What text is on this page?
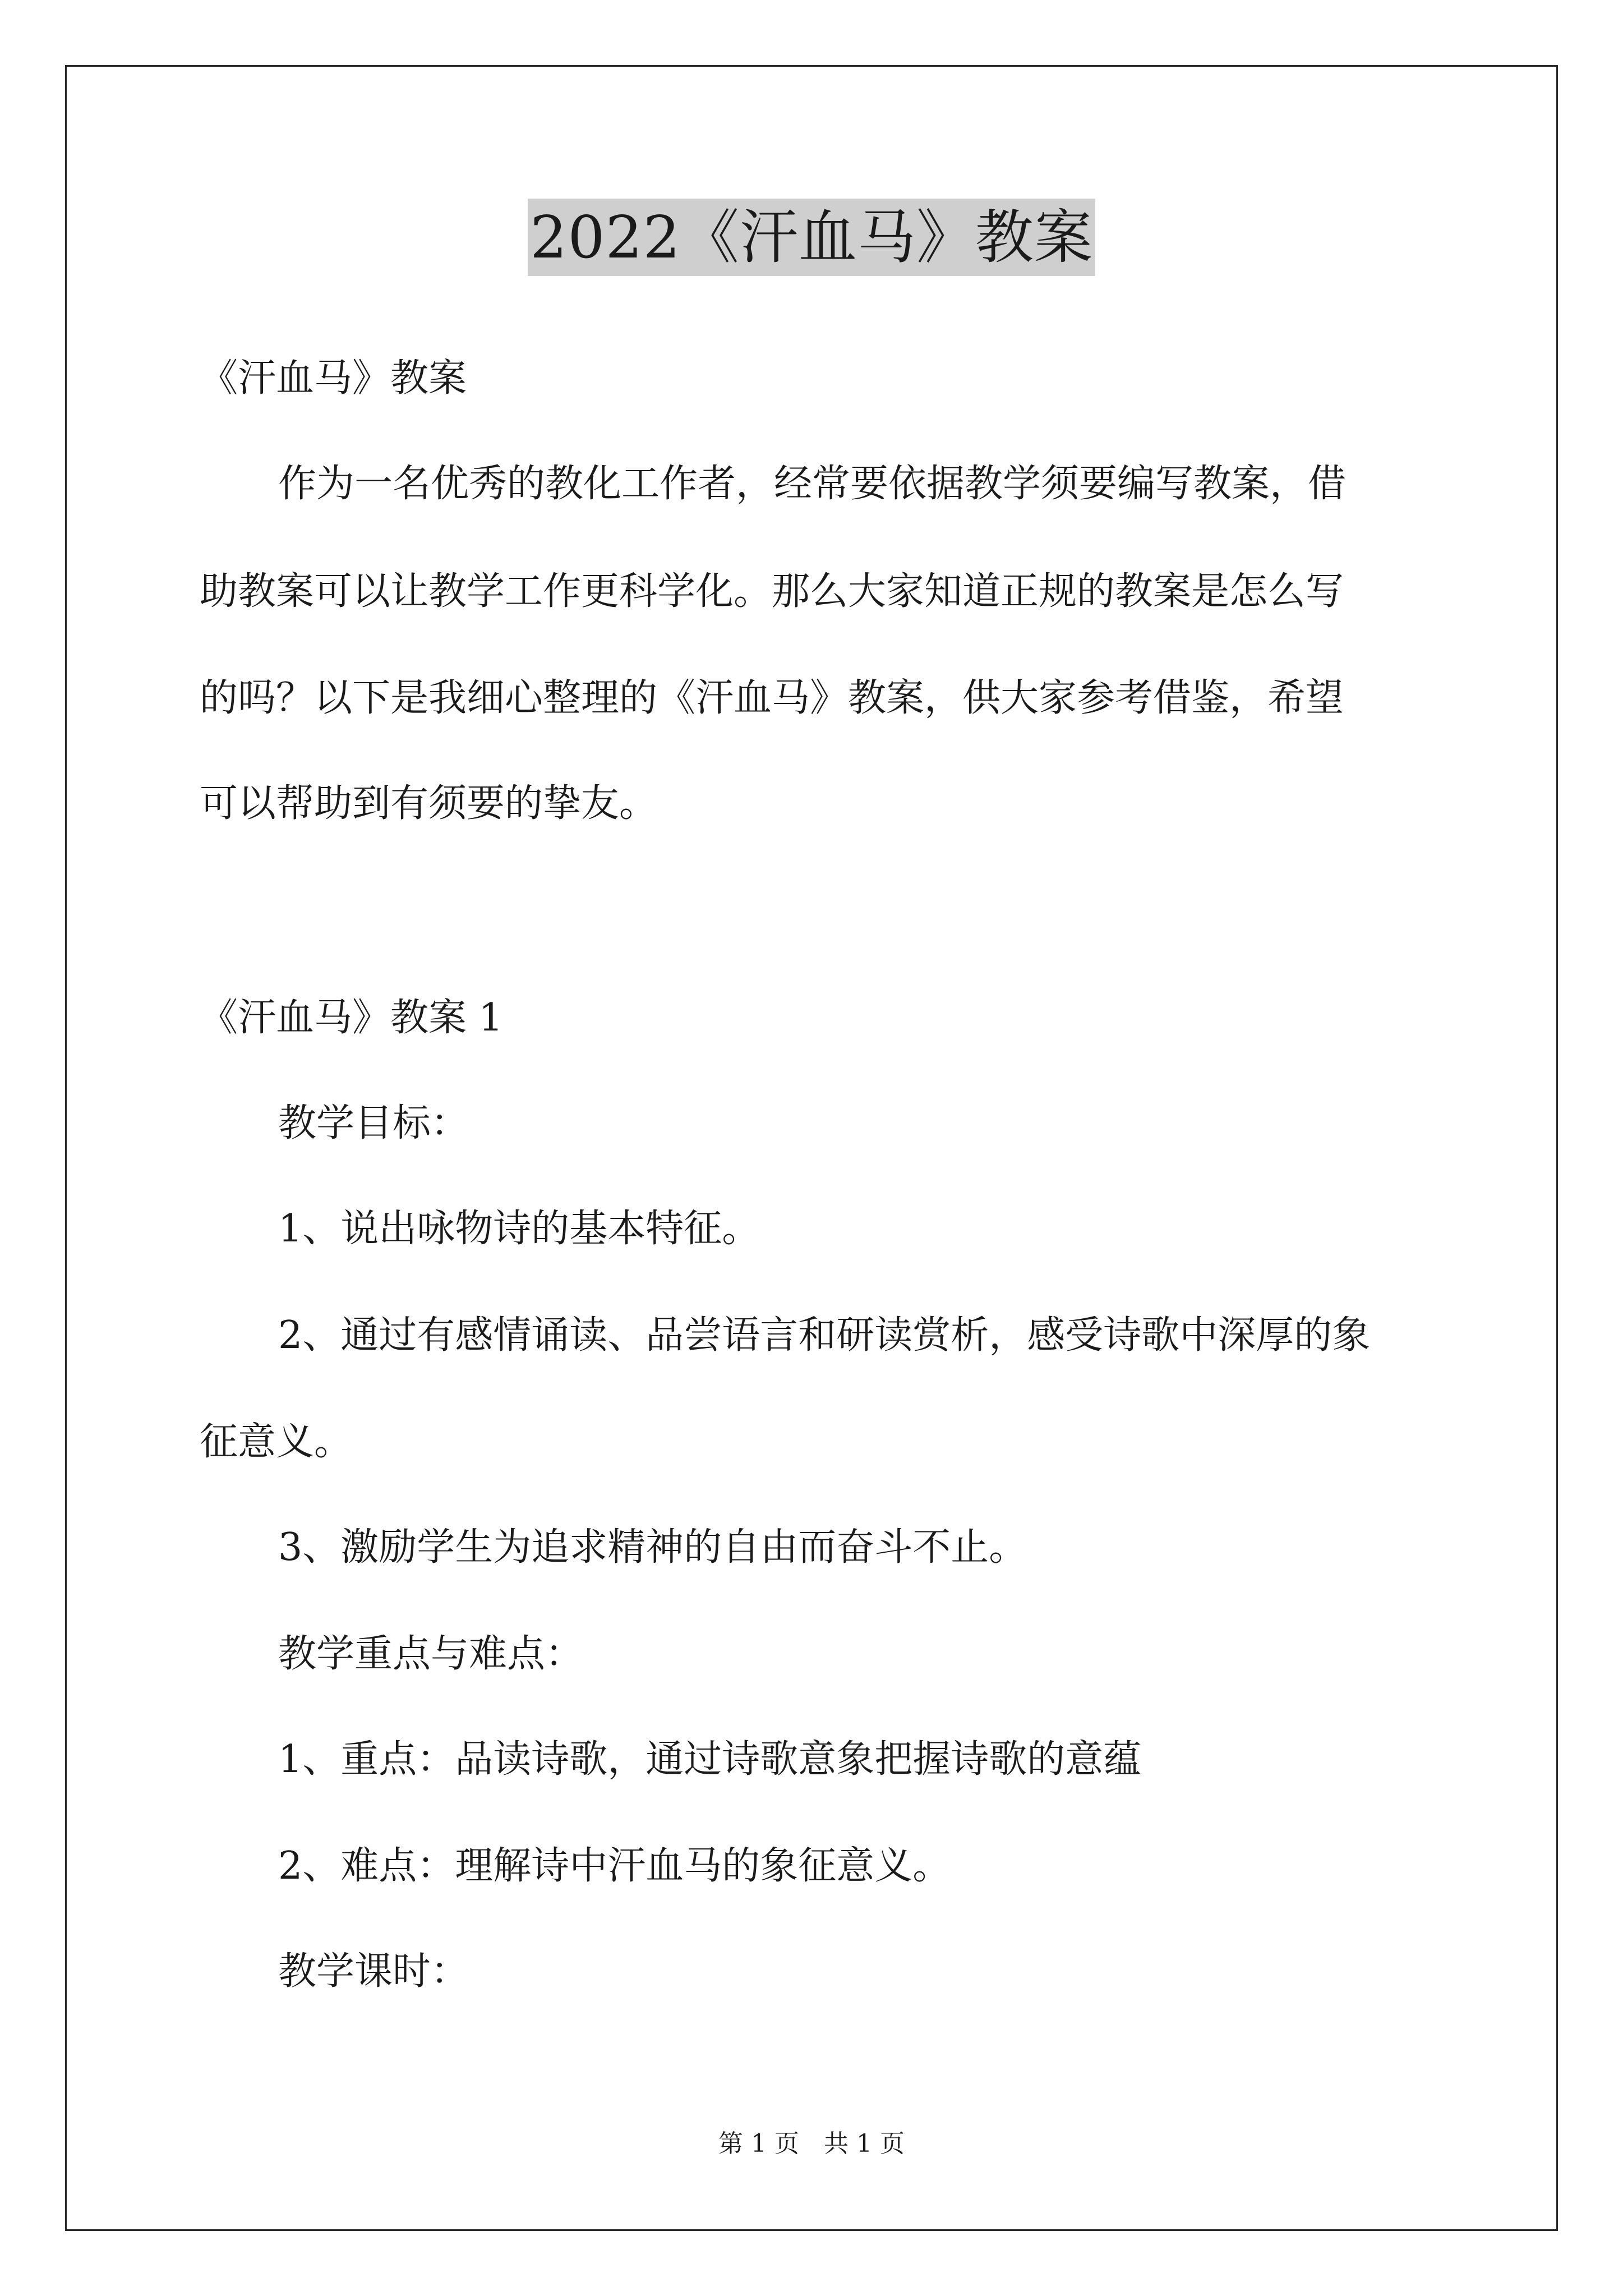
2022《汗血马》教案

《汗血马》教案

作为一名优秀的教化工作者，经常要依据教学须要编写教案，借

助教案可以让教学工作更科学化。那么大家知道正规的教案是怎么写

的吗？以下是我细心整理的《汗血马》教案，供大家参考借鉴，希望

可以帮助到有须要的挚友。

《汗血马》教案 1

教学目标：

1、说出咏物诗的基本特征。

2、通过有感情诵读、品尝语言和研读赏析，感受诗歌中深厚的象

征意义。

3、激励学生为追求精神的自由而奋斗不止。

教学重点与难点：

1、重点：品读诗歌，通过诗歌意象把握诗歌的意蕴

2、难点：理解诗中汗血马的象征意义。

教学课时：

第 1 页　共 1 页
